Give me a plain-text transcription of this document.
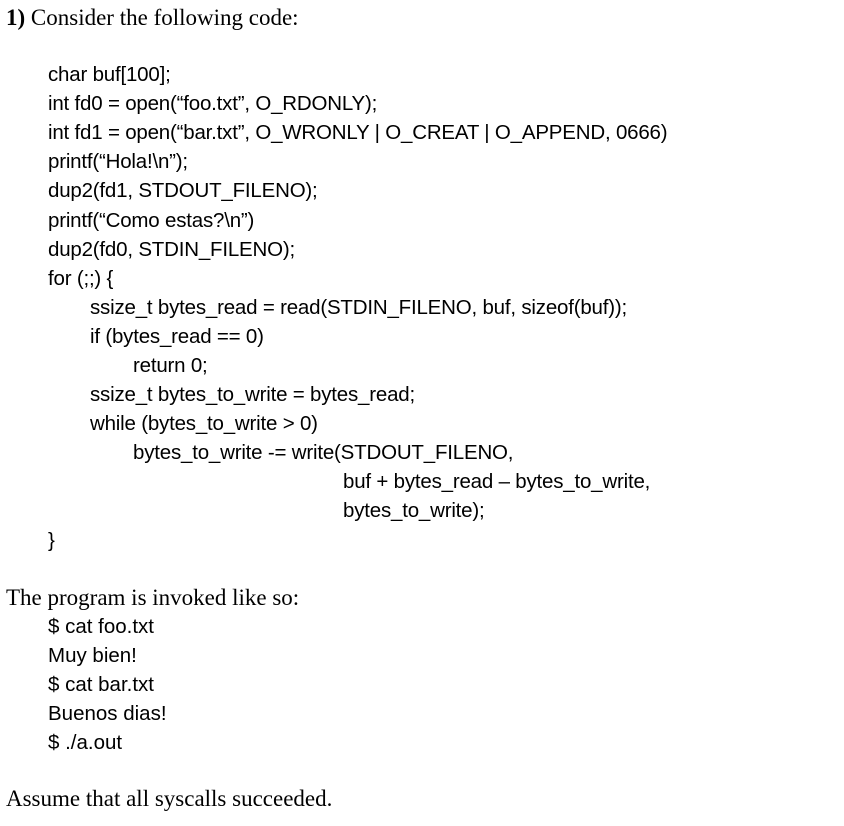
1) Consider the following code:
char buf[100];
int fd0 = open(“foo.txt”, O_RDONLY);
int fd1 = open(“bar.txt”, O_WRONLY | O_CREAT | O_APPEND, 0666)
printf(“Hola!\n”);
dup2(fd1, STDOUT_FILENO);
printf(“Como estas?\n”)
dup2(fd0, STDIN_FILENO);
for (;;) {
ssize_t bytes_read = read(STDIN_FILENO, buf, sizeof(buf));
if (bytes_read == 0)
return 0;
ssize_t bytes_to_write = bytes_read;
while (bytes_to_write > 0)
bytes_to_write -= write(STDOUT_FILENO,
buf + bytes_read – bytes_to_write,
bytes_to_write);
}
The program is invoked like so:
$ cat foo.txt
Muy bien!
$ cat bar.txt
Buenos dias!
$ ./a.out
Assume that all syscalls succeeded.
